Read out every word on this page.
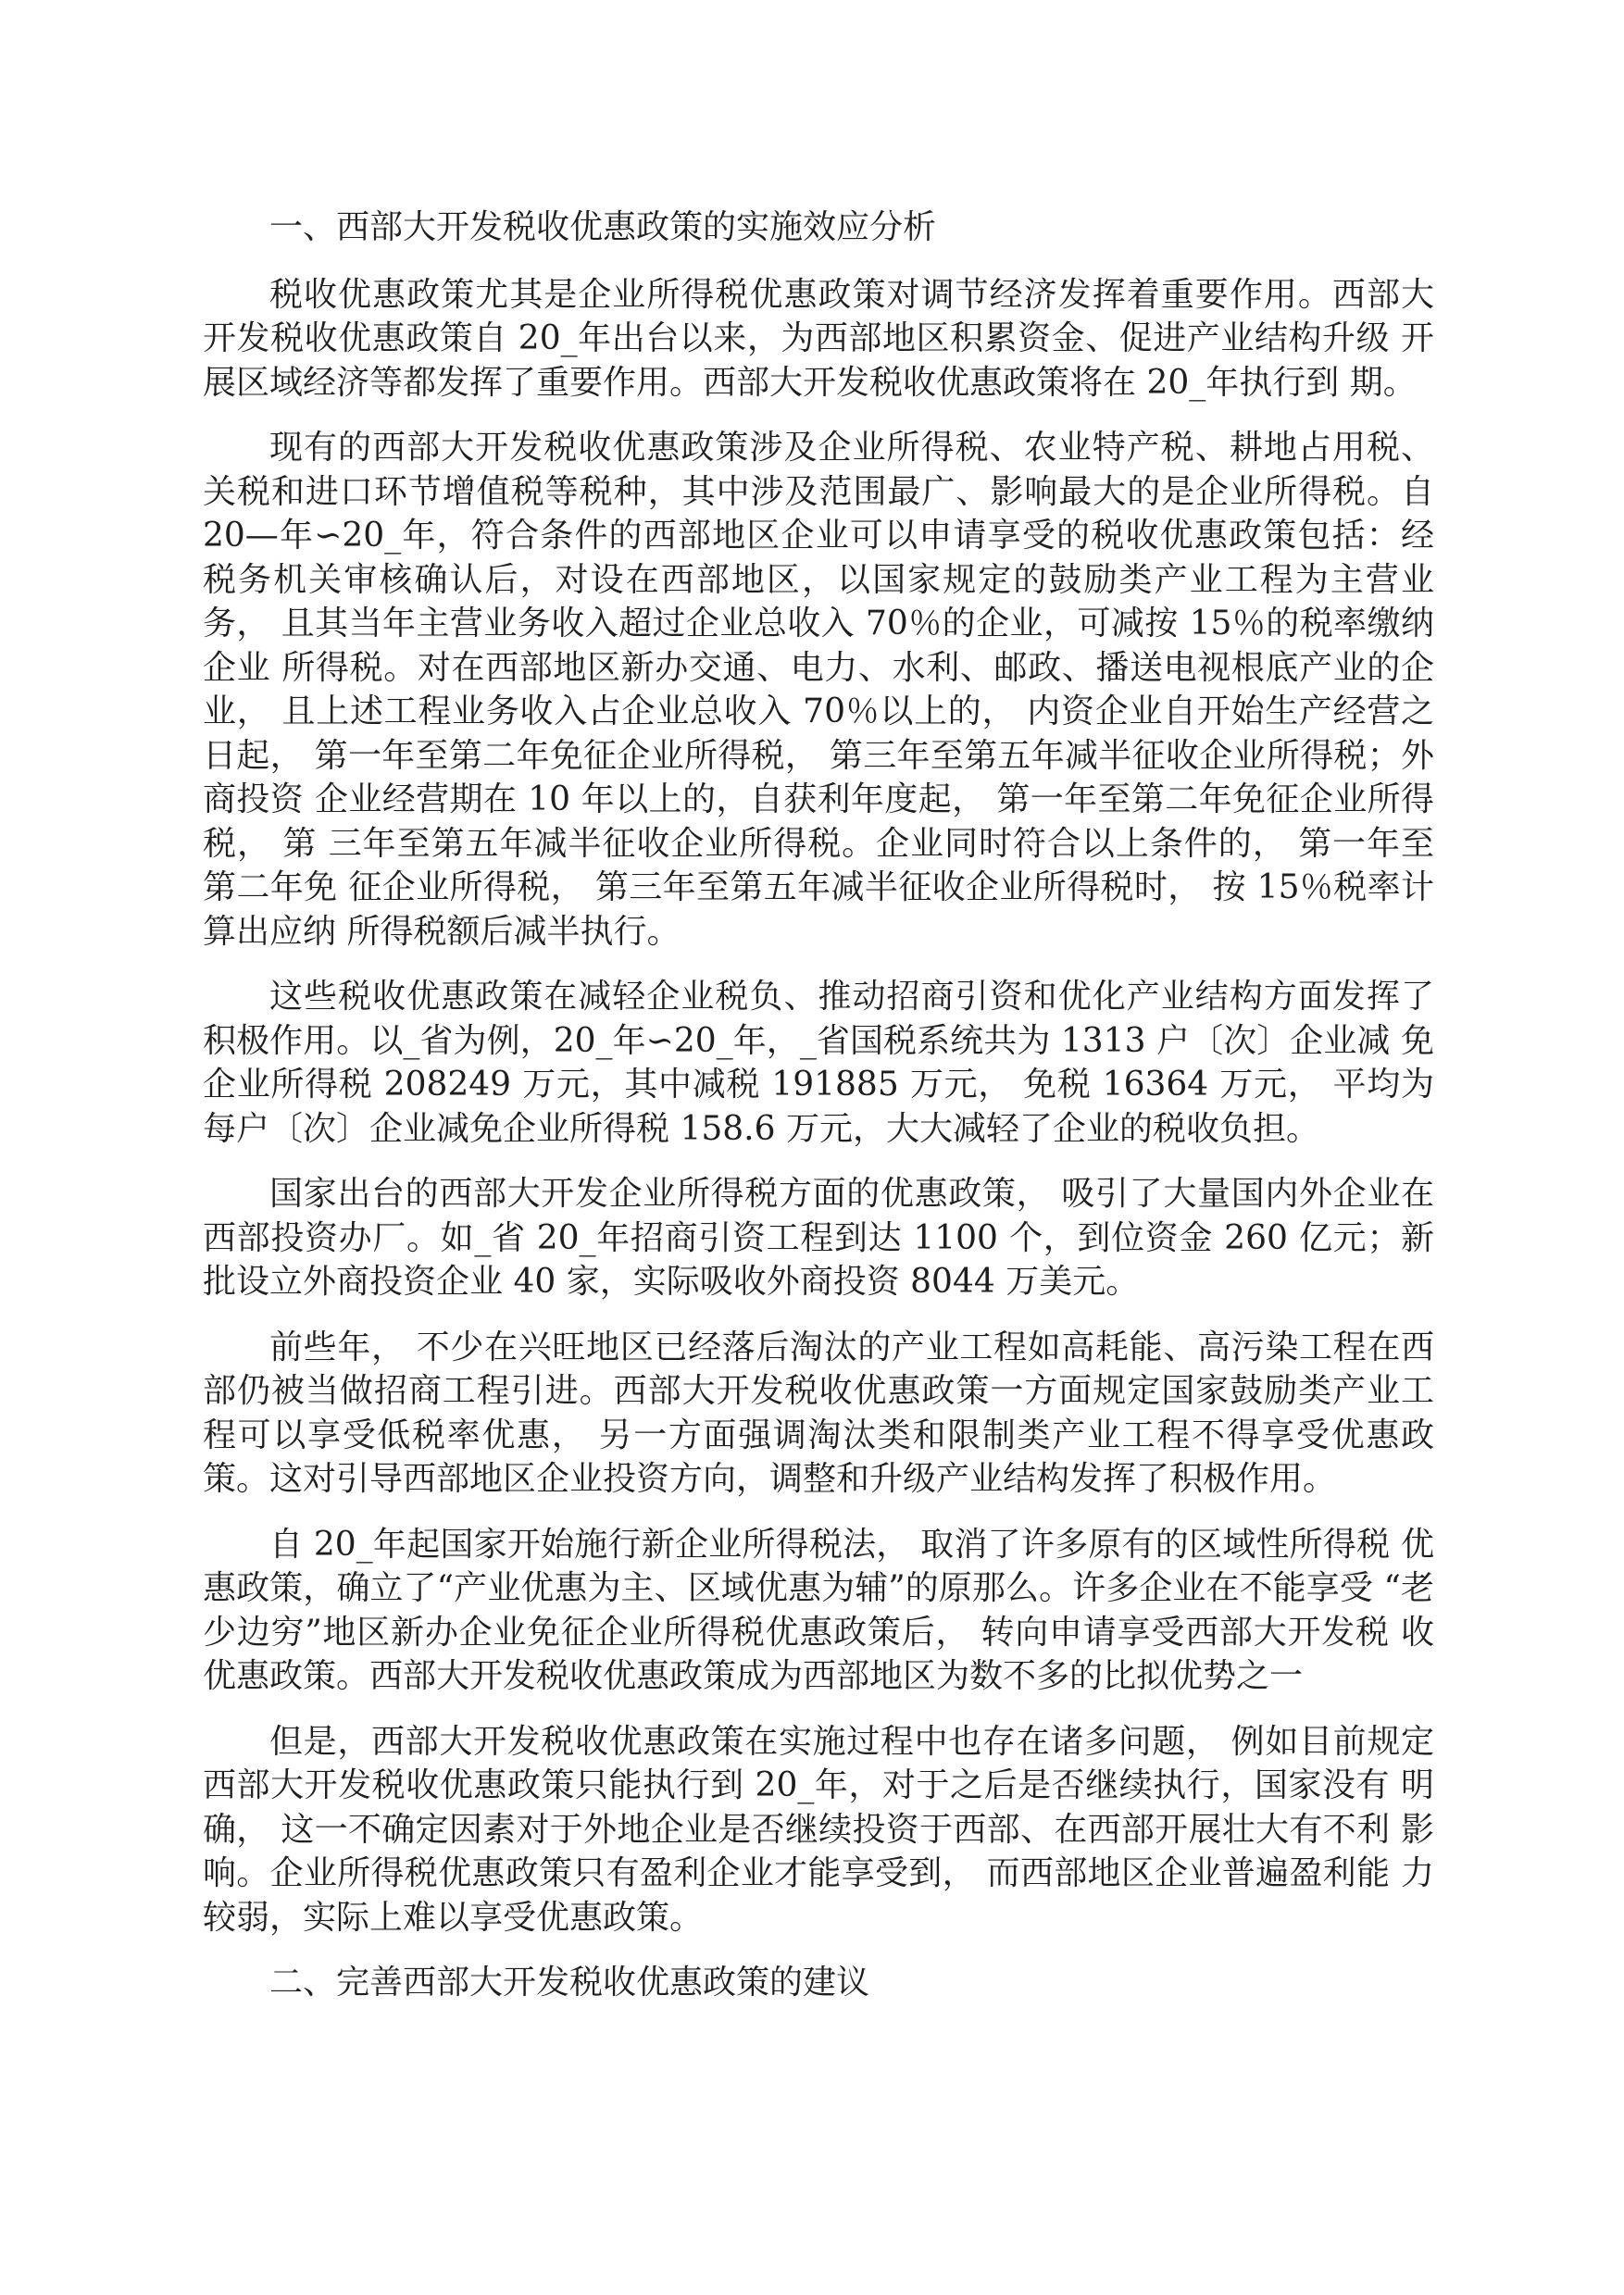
一、西部大开发税收优惠政策的实施效应分析

税收优惠政策尤其是企业所得税优惠政策对调节经济发挥着重要作用。西部大 开发税收优惠政策自 20_年出台以来，为西部地区积累资金、促进产业结构升级 开展区域经济等都发挥了重要作用。西部大开发税收优惠政策将在 20_年执行到 期。

现有的西部大开发税收优惠政策涉及企业所得税、农业特产税、耕地占用税、 关税和进口环节增值税等税种，其中涉及范围最广、影响最大的是企业所得税。自 20—年∽20_年，符合条件的西部地区企业可以申请享受的税收优惠政策包括：经 税务机关审核确认后，对设在西部地区，以国家规定的鼓励类产业工程为主营业务， 且其当年主营业务收入超过企业总收入 70％的企业，可减按 15％的税率缴纳企业 所得税。对在西部地区新办交通、电力、水利、邮政、播送电视根底产业的企业， 且上述工程业务收入占企业总收入 70％以上的， 内资企业自开始生产经营之日起， 第一年至第二年免征企业所得税， 第三年至第五年减半征收企业所得税；外商投资 企业经营期在 10 年以上的，自获利年度起， 第一年至第二年免征企业所得税， 第 三年至第五年减半征收企业所得税。企业同时符合以上条件的， 第一年至第二年免 征企业所得税， 第三年至第五年减半征收企业所得税时， 按 15％税率计算出应纳 所得税额后减半执行。

这些税收优惠政策在减轻企业税负、推动招商引资和优化产业结构方面发挥了 积极作用。以_省为例，20_年∽20_年，_省国税系统共为 1313 户〔次〕企业减 免企业所得税 208249 万元，其中减税 191885 万元， 免税 16364 万元， 平均为 每户〔次〕企业减免企业所得税 158.6 万元，大大减轻了企业的税收负担。

国家出台的西部大开发企业所得税方面的优惠政策， 吸引了大量国内外企业在西部投资办厂。如_省 20_年招商引资工程到达 1100 个，到位资金 260 亿元；新 批设立外商投资企业 40 家，实际吸收外商投资 8044 万美元。

前些年， 不少在兴旺地区已经落后淘汰的产业工程如高耗能、高污染工程在西部仍被当做招商工程引进。西部大开发税收优惠政策一方面规定国家鼓励类产业工 程可以享受低税率优惠， 另一方面强调淘汰类和限制类产业工程不得享受优惠政策。这对引导西部地区企业投资方向，调整和升级产业结构发挥了积极作用。

自 20_年起国家开始施行新企业所得税法， 取消了许多原有的区域性所得税 优惠政策，确立了“产业优惠为主、区域优惠为辅”的原那么。许多企业在不能享受 “老少边穷”地区新办企业免征企业所得税优惠政策后， 转向申请享受西部大开发税 收优惠政策。西部大开发税收优惠政策成为西部地区为数不多的比拟优势之一

但是，西部大开发税收优惠政策在实施过程中也存在诸多问题， 例如目前规定西部大开发税收优惠政策只能执行到 20_年，对于之后是否继续执行，国家没有 明确， 这一不确定因素对于外地企业是否继续投资于西部、在西部开展壮大有不利 影响。企业所得税优惠政策只有盈利企业才能享受到， 而西部地区企业普遍盈利能 力较弱，实际上难以享受优惠政策。

二、完善西部大开发税收优惠政策的建议
